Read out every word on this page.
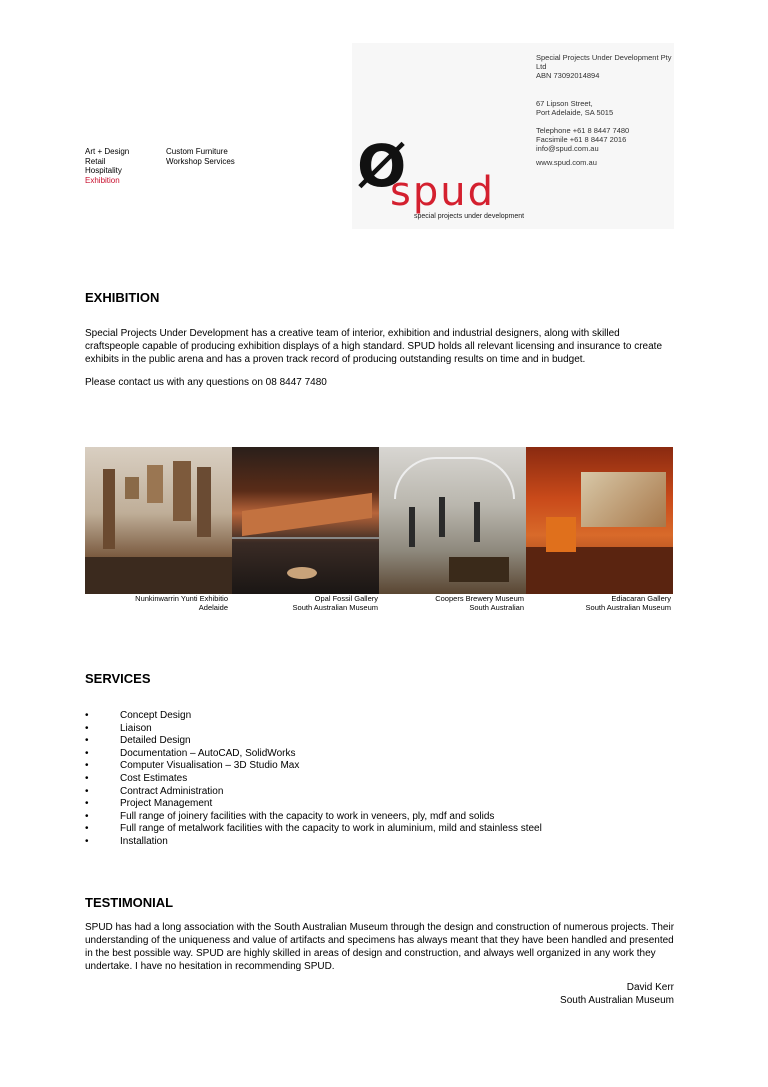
Art + Design
Retail
Hospitality
Exhibition
Custom Furniture
Workshop Services
Special Projects Under Development Pty Ltd
ABN 73092014894
67 Lipson Street,
Port Adelaide, SA 5015
Telephone +61 8 8447 7480
Facsimile +61 8 8447 2016
info@spud.com.au
www.spud.com.au
Ø
spud
special projects under development
EXHIBITION
Special Projects Under Development has a creative team of interior, exhibition and industrial designers, along with skilled craftspeople capable of producing exhibition displays of a high standard. SPUD holds all relevant licensing and insurance to create exhibits in the public arena and has a proven track record of producing outstanding results on time and in budget.
Please contact us with any questions on 08 8447 7480
Nunkinwarrin Yunti Exhibitio
Adelaide
Opal Fossil Gallery
South Australian Museum
Coopers Brewery Museum
South Australian
Ediacaran Gallery
South Australian Museum
SERVICES
•	Concept Design
•	Liaison
•	Detailed Design
•	Documentation – AutoCAD, SolidWorks
•	Computer Visualisation – 3D Studio Max
•	Cost Estimates
•	Contract Administration
•	Project Management
•	Full range of joinery facilities with the capacity to work in veneers, ply, mdf and solids
•	Full range of metalwork facilities with the capacity to work in aluminium, mild and stainless steel
•	Installation
TESTIMONIAL
SPUD has had a long association with the South Australian Museum through the design and construction of numerous projects. Their understanding of the uniqueness and value of artifacts and specimens has always meant that they have been handled and presented in the best possible way. SPUD are highly skilled in areas of design and construction, and always well organized in any work they undertake. I have no hesitation in recommending SPUD.
David Kerr
South Australian Museum
